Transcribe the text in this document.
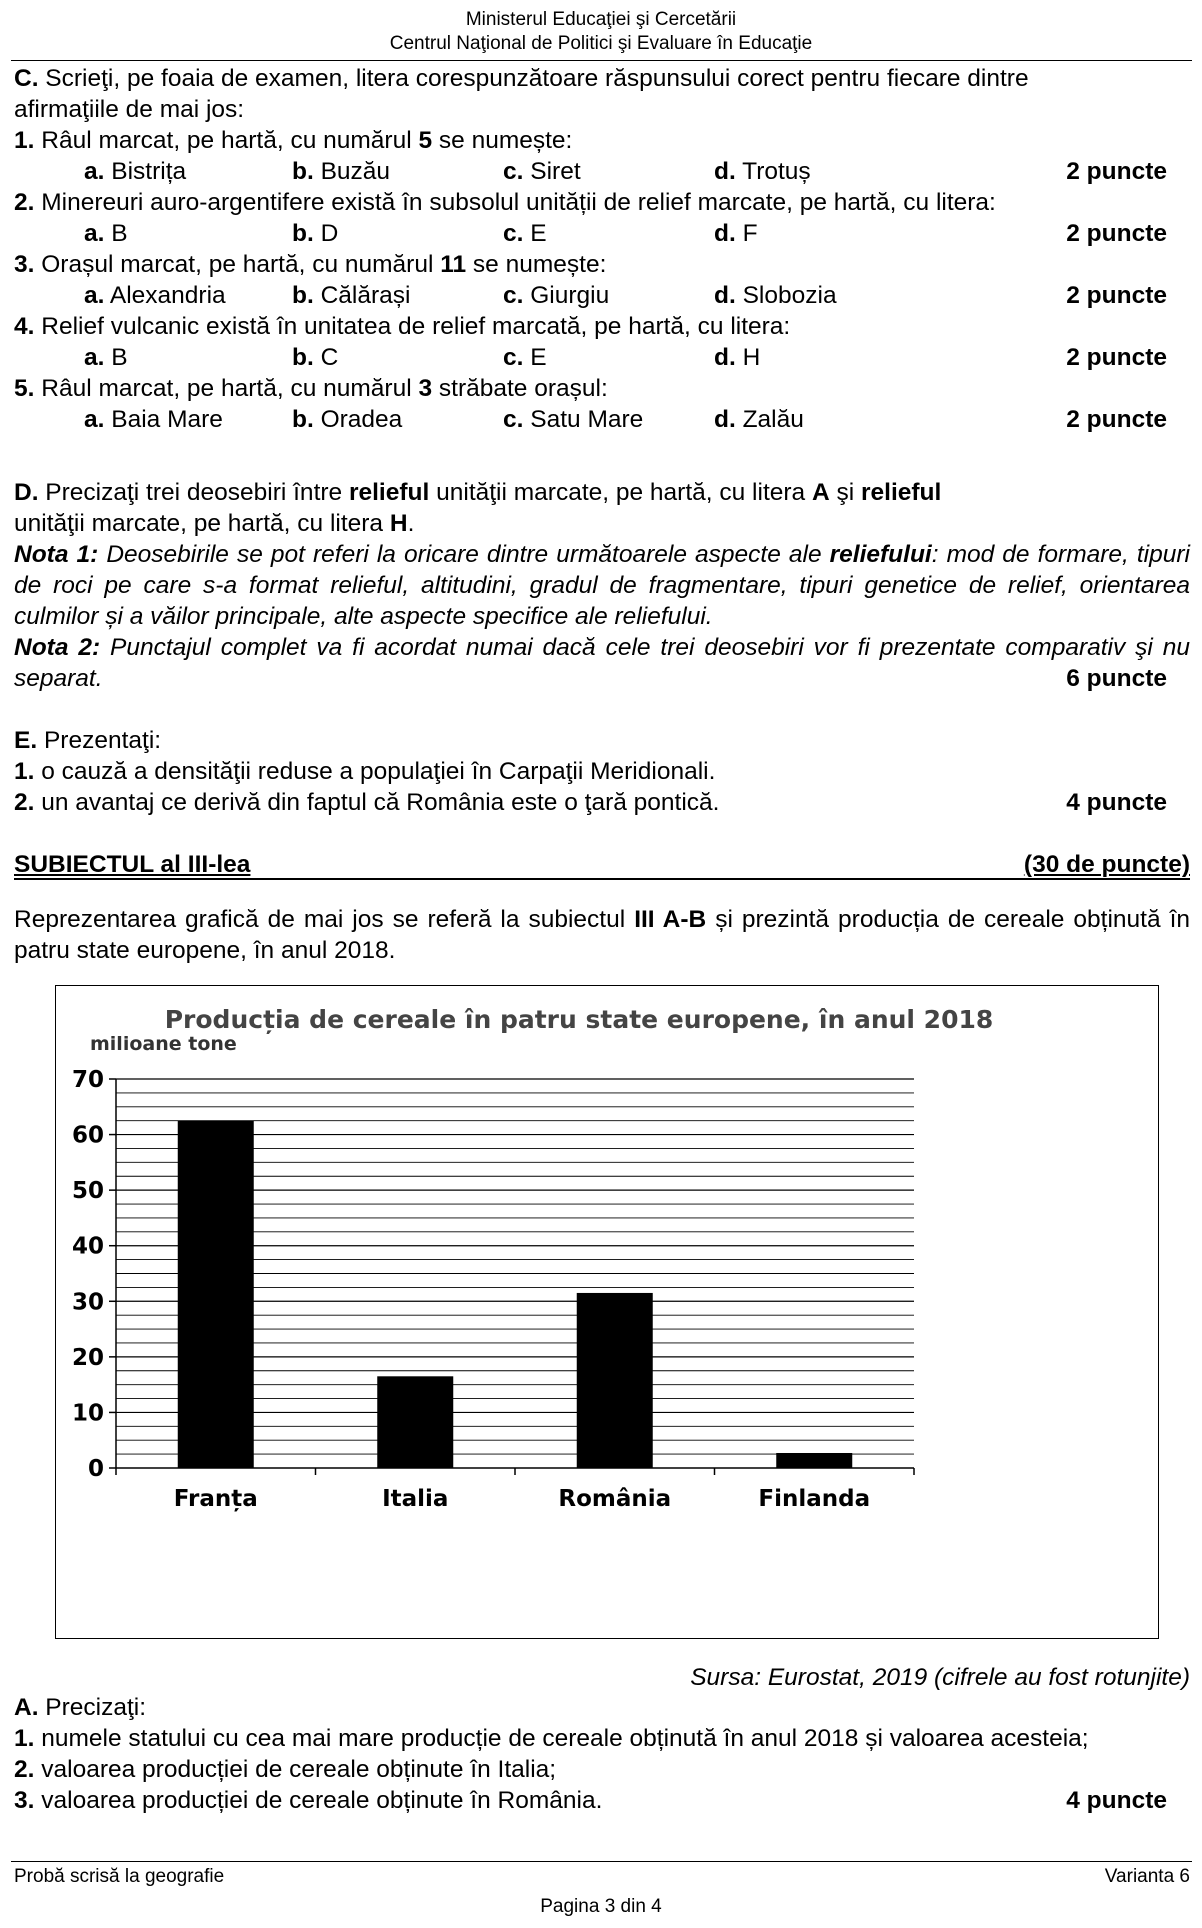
Ministerul Educaţiei şi Cercetării
Centrul Naţional de Politici şi Evaluare în Educaţie
C. Scrieţi, pe foaia de examen, litera corespunzătoare răspunsului corect pentru fiecare dintre
afirmaţiile de mai jos:
1. Râul marcat, pe hartă, cu numărul 5 se numește:
a. Bistrița	b. Buzău	c. Siret	d. Trotuș	2 puncte
2. Minereuri auro-argentifere există în subsolul unității de relief marcate, pe hartă, cu litera:
a. B	b. D	c. E	d. F	2 puncte
3. Orașul marcat, pe hartă, cu numărul 11 se numește:
a. Alexandria	b. Călărași	c. Giurgiu	d. Slobozia	2 puncte
4. Relief vulcanic există în unitatea de relief marcată, pe hartă, cu litera:
a. B	b. C	c. E	d. H	2 puncte
5. Râul marcat, pe hartă, cu numărul 3 străbate orașul:
a. Baia Mare	b. Oradea	c. Satu Mare	d. Zalău	2 puncte
D. Precizaţi trei deosebiri între relieful unităţii marcate, pe hartă, cu litera A şi relieful
unităţii marcate, pe hartă, cu litera H.
Nota 1: Deosebirile se pot referi la oricare dintre următoarele aspecte ale reliefului: mod de formare, tipuri de roci pe care s-a format relieful, altitudini, gradul de fragmentare, tipuri genetice de relief, orientarea culmilor și a văilor principale, alte aspecte specifice ale reliefului.
Nota 2: Punctajul complet va fi acordat numai dacă cele trei deosebiri vor fi prezentate comparativ şi nu separat.	6 puncte
E. Prezentaţi:
1. o cauză a densităţii reduse a populaţiei în Carpaţii Meridionali.
2. un avantaj ce derivă din faptul că România este o ţară pontică.	4 puncte
SUBIECTUL al III-lea	(30 de puncte)
Reprezentarea grafică de mai jos se referă la subiectul III A-B și prezintă producția de cereale obținută în patru state europene, în anul 2018.
Producția de cereale în patru state europene, în anul 2018
milioane tone
0
10
20
30
40
50
60
70
Franța	Italia	România	Finlanda
Sursa: Eurostat, 2019 (cifrele au fost rotunjite)
A. Precizaţi:
1. numele statului cu cea mai mare producție de cereale obținută în anul 2018 și valoarea acesteia;
2. valoarea producției de cereale obținute în Italia;
3. valoarea producției de cereale obținute în România.	4 puncte
Probă scrisă la geografie	Varianta 6
Pagina 3 din 4
